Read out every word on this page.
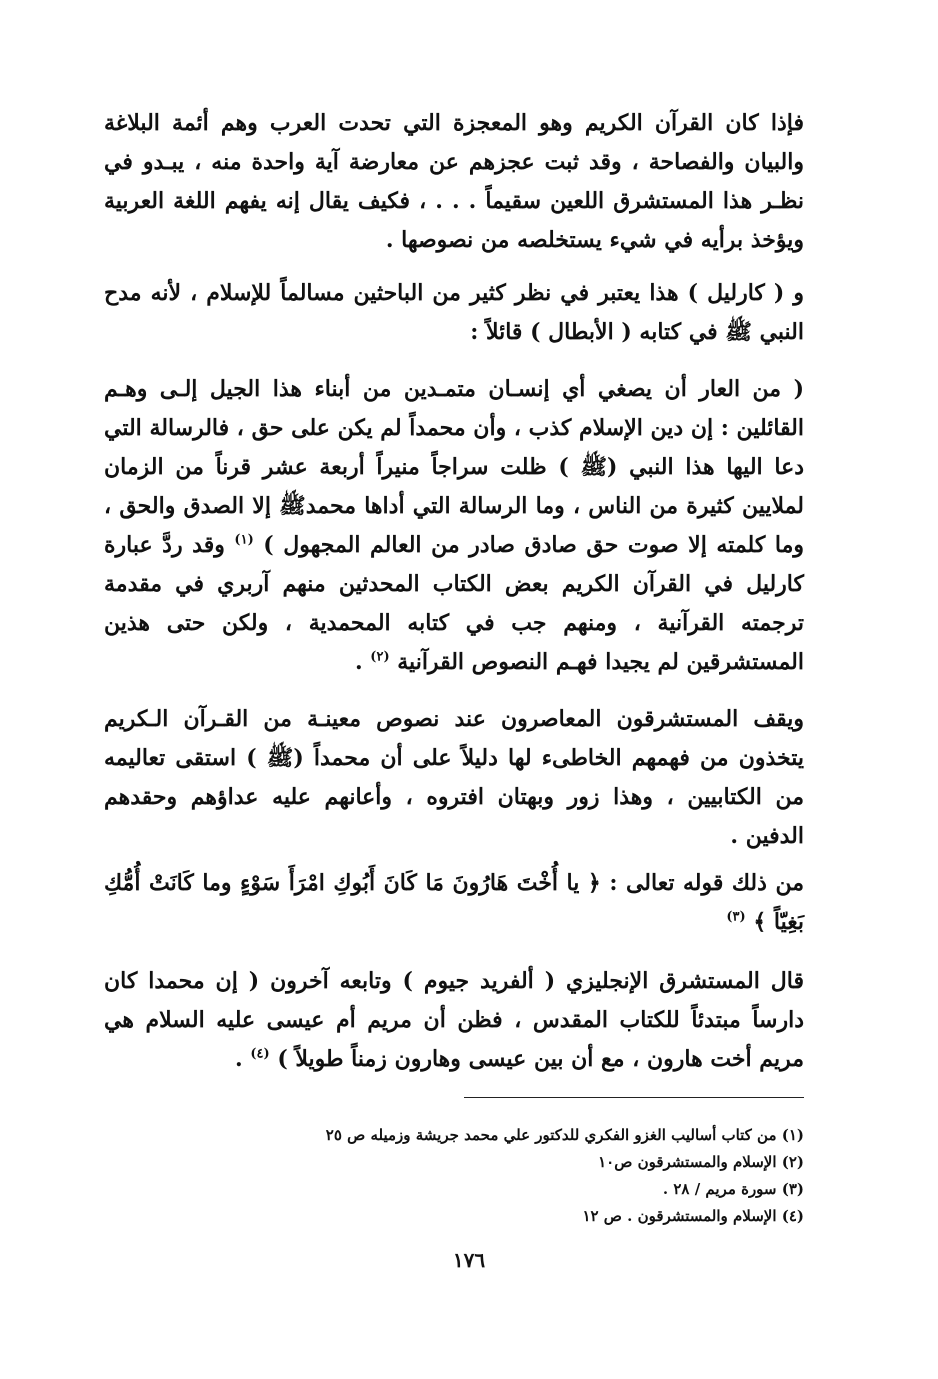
فإذا كان القرآن الكريم وهو المعجزة التي تحدت العرب وهم أئمة البلاغة والبيان والفصاحة ، وقد ثبت عجزهم عن معارضة آية واحدة منه ، يبـدو في نظـر هذا المستشرق اللعين سقيماً . . . ، فكيف يقال إنه يفهم اللغة العربية ويؤخذ برأيه في شيء يستخلصه من نصوصها .

و ( كارليل ) هذا يعتبر في نظر كثير من الباحثين مسالماً للإسلام ، لأنه مدح النبي ﷺ في كتابه ( الأبطال ) قائلاً :

( من العار أن يصغي أي إنسـان متمـدين من أبناء هذا الجيل إلـى وهـم القائلين : إن دين الإسلام كذب ، وأن محمداً لم يكن على حق ، فالرسالة التي دعا اليها هذا النبي (ﷺ ) ظلت سراجاً منيراً أربعة عشر قرناً من الزمان لملايين كثيرة من الناس ، وما الرسالة التي أداها محمدﷺ إلا الصدق والحق ، وما كلمته إلا صوت حق صادق صادر من العالم المجهول ) $^{(١)}$ وقد ردَّ عبارة كارليل في القرآن الكريم بعض الكتاب المحدثين منهم آربري في مقدمة ترجمته القرآنية ، ومنهم جب في كتابه المحمدية ، ولكن حتى هذين المستشرقين لم يجيدا فهـم النصوص القرآنية $^{(٢)}$ .

ويقف المستشرقون المعاصرون عند نصوص معينـة من القـرآن الـكريم يتخذون من فهمهم الخاطىء لها دليلاً على أن محمداً (ﷺ ) استقى تعاليمه من الكتابيين ، وهذا زور وبهتان افتروه ، وأعانهم عليه عداؤهم وحقدهم الدفين .

من ذلك قوله تعالى : ﴿ يا أُخْتَ هَارُونَ مَا كَانَ أَبُوكِ امْرَأَ سَوْءٍ وما كَانَتْ أُمُّكِ بَغِيّاً ﴾ $^{(٣)}$

قال المستشرق الإنجليزي ( ألفريد جيوم ) وتابعه آخرون ( إن محمدا كان دارساً مبتدئاً للكتاب المقدس ، فظن أن مريم أم عيسى عليه السلام هي مريم أخت هارون ، مع أن بين عيسى وهارون زمناً طويلاً ) $^{(٤)}$ .

(١) من كتاب أساليب الغزو الفكري للدكتور علي محمد جريشة وزميله ص ٢٥
(٢) الإسلام والمستشرقون ص١٠
(٣) سورة مريم / ٢٨ .
(٤) الإسلام والمستشرقون . ص ١٢
١٧٦
